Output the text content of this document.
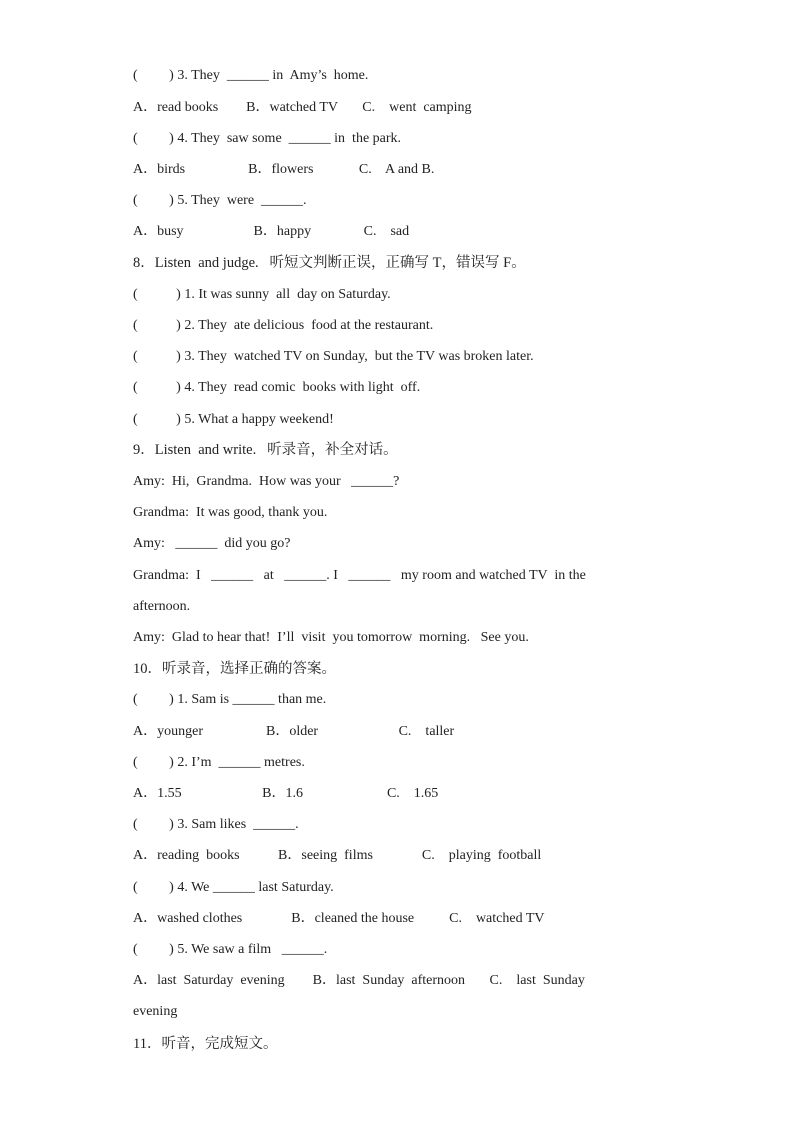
(         ) 3. They  ______ in  Amy’s  home.
A．read books        B．watched TV       C.    went  camping
(         ) 4. They  saw some  ______ in  the park.
A．birds                  B．flowers             C.    A and B.
(         ) 5. They  were  ______.
A．busy                    B．happy               C.    sad
8．Listen  and judge.   听短文判断正误，正确写 T，错误写 F。
(           ) 1. It was sunny  all  day on Saturday.
(           ) 2. They  ate delicious  food at the restaurant.
(           ) 3. They  watched TV on Sunday,  but the TV was broken later.
(           ) 4. They  read comic  books with light  off.
(           ) 5. What a happy weekend!
9．Listen  and write.   听录音，补全对话。
Amy:  Hi,  Grandma.  How was your   ______?
Grandma:  It was good, thank you.
Amy:   ______  did you go?
Grandma:  I   ______   at   ______. I   ______   my room and watched TV  in the
afternoon.
Amy:  Glad to hear that!  I’ll  visit  you tomorrow  morning.   See you.
10．听录音，选择正确的答案。
(         ) 1. Sam is ______ than me.
A．younger                  B．older                       C.    taller
(         ) 2. I’m  ______ metres.
A．1.55                       B．1.6                        C.    1.65
(         ) 3. Sam likes  ______.
A．reading  books           B．seeing  films              C.    playing  football
(         ) 4. We ______ last Saturday.
A．washed clothes              B．cleaned the house          C.    watched TV
(         ) 5. We saw a film   ______.
A．last  Saturday  evening        B．last  Sunday  afternoon       C.    last  Sunday
evening
11．听音，完成短文。
